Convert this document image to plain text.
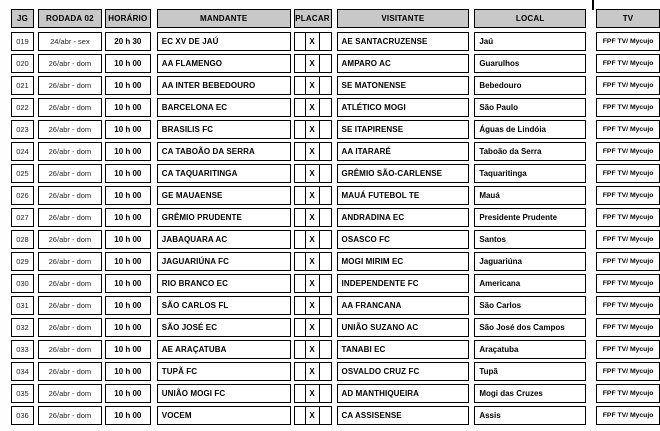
JG	RODADA 02	HORÁRIO	MANDANTE	PLACAR	VISITANTE	LOCAL	TV
019	24/abr - sex	20 h 30	EC XV DE JAÚ	X	AE SANTACRUZENSE	Jaú	FPF TV/ Mycujo
020	26/abr - dom	10 h 00	AA FLAMENGO	X	AMPARO AC	Guarulhos	FPF TV/ Mycujo
021	26/abr - dom	10 h 00	AA INTER BEBEDOURO	X	SE MATONENSE	Bebedouro	FPF TV/ Mycujo
022	26/abr - dom	10 h 00	BARCELONA EC	X	ATLÉTICO MOGI	São Paulo	FPF TV/ Mycujo
023	26/abr - dom	10 h 00	BRASILIS FC	X	SE ITAPIRENSE	Águas de Lindóia	FPF TV/ Mycujo
024	26/abr - dom	10 h 00	CA TABOÃO DA SERRA	X	AA ITARARÉ	Taboão da Serra	FPF TV/ Mycujo
025	26/abr - dom	10 h 00	CA TAQUARITINGA	X	GRÊMIO SÃO-CARLENSE	Taquaritinga	FPF TV/ Mycujo
026	26/abr - dom	10 h 00	GE MAUAENSE	X	MAUÁ FUTEBOL TE	Mauá	FPF TV/ Mycujo
027	26/abr - dom	10 h 00	GRÊMIO PRUDENTE	X	ANDRADINA EC	Presidente Prudente	FPF TV/ Mycujo
028	26/abr - dom	10 h 00	JABAQUARA AC	X	OSASCO FC	Santos	FPF TV/ Mycujo
029	26/abr - dom	10 h 00	JAGUARIÚNA FC	X	MOGI MIRIM EC	Jaguariúna	FPF TV/ Mycujo
030	26/abr - dom	10 h 00	RIO BRANCO EC	X	INDEPENDENTE FC	Americana	FPF TV/ Mycujo
031	26/abr - dom	10 h 00	SÃO CARLOS FL	X	AA FRANCANA	São Carlos	FPF TV/ Mycujo
032	26/abr - dom	10 h 00	SÃO JOSÉ EC	X	UNIÃO SUZANO AC	São José dos Campos	FPF TV/ Mycujo
033	26/abr - dom	10 h 00	AE ARAÇATUBA	X	TANABI EC	Araçatuba	FPF TV/ Mycujo
034	26/abr - dom	10 h 00	TUPÃ FC	X	OSVALDO CRUZ FC	Tupã	FPF TV/ Mycujo
035	26/abr - dom	10 h 00	UNIÃO MOGI FC	X	AD MANTHIQUEIRA	Mogi das Cruzes	FPF TV/ Mycujo
036	26/abr - dom	10 h 00	VOCEM	X	CA ASSISENSE	Assis	FPF TV/ Mycujo
